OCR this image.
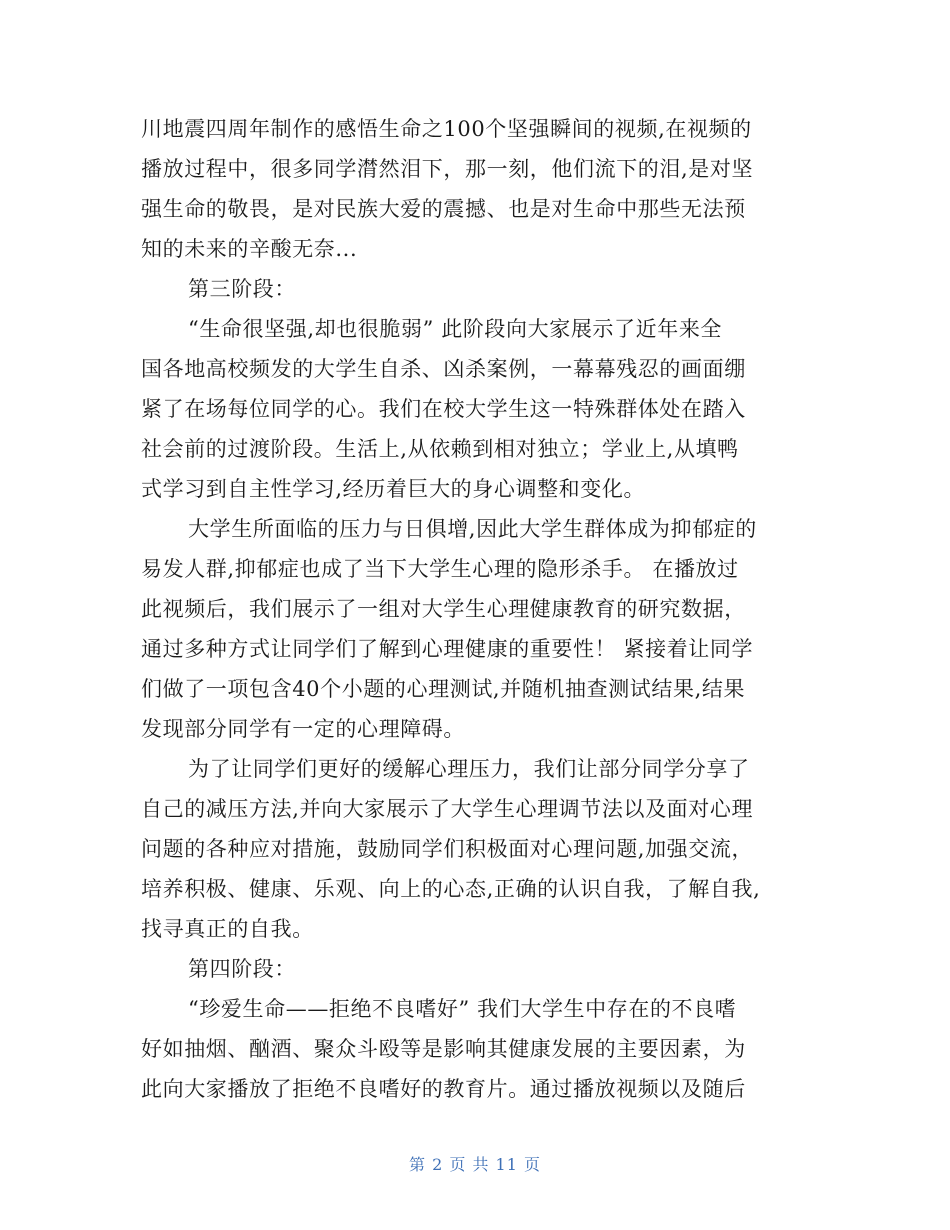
川地震四周年制作的感悟生命之100个坚强瞬间的视频,在视频的
播放过程中，很多同学潸然泪下，那一刻，他们流下的泪,是对坚
强生命的敬畏，是对民族大爱的震撼、也是对生命中那些无法预
知的未来的辛酸无奈...
第三阶段：
“生命很坚强,却也很脆弱” 此阶段向大家展示了近年来全
国各地高校频发的大学生自杀、凶杀案例，一幕幕残忍的画面绷
紧了在场每位同学的心。我们在校大学生这一特殊群体处在踏入
社会前的过渡阶段。生活上,从依赖到相对独立；学业上,从填鸭
式学习到自主性学习,经历着巨大的身心调整和变化。
大学生所面临的压力与日俱增,因此大学生群体成为抑郁症的
易发人群,抑郁症也成了当下大学生心理的隐形杀手。 在播放过
此视频后，我们展示了一组对大学生心理健康教育的研究数据，
通过多种方式让同学们了解到心理健康的重要性！ 紧接着让同学
们做了一项包含40个小题的心理测试,并随机抽查测试结果,结果
发现部分同学有一定的心理障碍。
为了让同学们更好的缓解心理压力，我们让部分同学分享了
自己的减压方法,并向大家展示了大学生心理调节法以及面对心理
问题的各种应对措施，鼓励同学们积极面对心理问题,加强交流，
培养积极、健康、乐观、向上的心态,正确的认识自我，了解自我,
找寻真正的自我。
第四阶段：
“珍爱生命——拒绝不良嗜好” 我们大学生中存在的不良嗜
好如抽烟、酗酒、聚众斗殴等是影响其健康发展的主要因素，为
此向大家播放了拒绝不良嗜好的教育片。通过播放视频以及随后
第 2 页 共 11 页
